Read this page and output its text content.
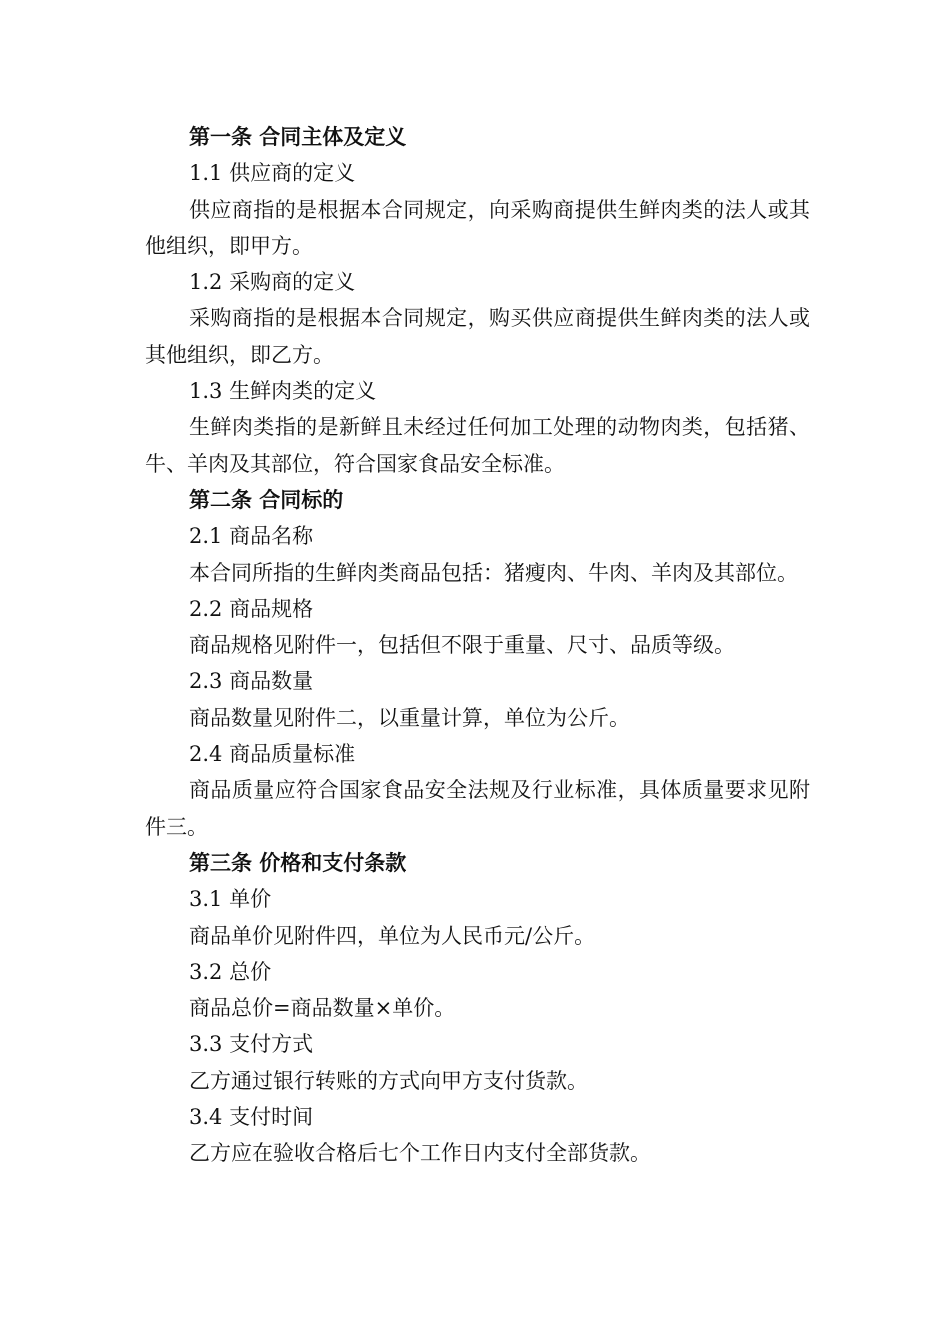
第一条 合同主体及定义

1.1 供应商的定义

供应商指的是根据本合同规定，向采购商提供生鲜肉类的法人或其他组织，即甲方。

1.2 采购商的定义

采购商指的是根据本合同规定，购买供应商提供生鲜肉类的法人或其他组织，即乙方。

1.3 生鲜肉类的定义

生鲜肉类指的是新鲜且未经过任何加工处理的动物肉类，包括猪、牛、羊肉及其部位，符合国家食品安全标准。

第二条 合同标的

2.1 商品名称

本合同所指的生鲜肉类商品包括：猪瘦肉、牛肉、羊肉及其部位。

2.2 商品规格

商品规格见附件一，包括但不限于重量、尺寸、品质等级。

2.3 商品数量

商品数量见附件二，以重量计算，单位为公斤。

2.4 商品质量标准

商品质量应符合国家食品安全法规及行业标准，具体质量要求见附件三。

第三条 价格和支付条款

3.1 单价

商品单价见附件四，单位为人民币元/公斤。

3.2 总价

商品总价=商品数量×单价。

3.3 支付方式

乙方通过银行转账的方式向甲方支付货款。

3.4 支付时间

乙方应在验收合格后七个工作日内支付全部货款。
